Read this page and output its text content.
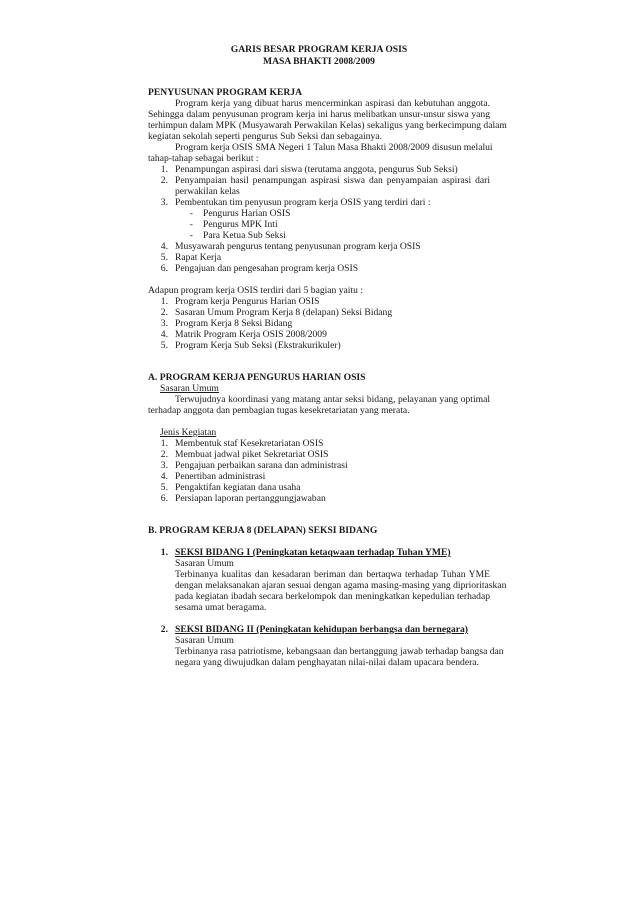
GARIS BESAR PROGRAM KERJA OSIS
MASA BHAKTI 2008/2009
PENYUSUNAN PROGRAM KERJA
Program kerja yang dibuat harus mencerminkan aspirasi dan kebutuhan anggota.
Sehingga dalam penyusunan program kerja ini harus melibatkan unsur-unsur siswa yang
terhimpun dalam MPK (Musyawarah Perwakilan Kelas) sekaligus yang berkecimpung dalam
kegiatan sekolah seperti pengurus Sub Seksi dan sebagainya.
Program kerja OSIS SMA Negeri 1 Talun Masa Bhakti 2008/2009 disusun melalui
tahap-tahap sebagai berikut :
1. Penampungan aspirasi dari siswa (terutama anggota, pengurus Sub Seksi)
2. Penyampaian hasil penampungan aspirasi siswa dan penyampaian aspirasi dari
perwakilan kelas
3. Pembentukan tim penyusun program kerja OSIS yang terdiri dari :
- Pengurus Harian OSIS
- Pengurus MPK Inti
- Para Ketua Sub Seksi
4. Musyawarah pengurus tentang penyusunan program kerja OSIS
5. Rapat Kerja
6. Pengajuan dan pengesahan program kerja OSIS
Adapun program kerja OSIS terdiri dari 5 bagian yaitu :
1. Program kerja Pengurus Harian OSIS
2. Sasaran Umum Program Kerja 8 (delapan) Seksi Bidang
3. Program Kerja 8 Seksi Bidang
4. Matrik Program Kerja OSIS 2008/2009
5. Program Kerja Sub Seksi (Ekstrakurikuler)
A. PROGRAM KERJA PENGURUS HARIAN OSIS
Sasaran Umum
Terwujudnya koordinasi yang matang antar seksi bidang, pelayanan yang optimal
terhadap anggota dan pembagian tugas kesekretariatan yang merata.
Jenis Kegiatan
1. Membentuk staf Kesekretariatan OSIS
2. Membuat jadwal piket Sekretariat OSIS
3. Pengajuan perbaikan sarana dan administrasi
4. Penertiban administrasi
5. Pengaktifan kegiatan dana usaha
6. Persiapan laporan pertanggungjawaban
B. PROGRAM KERJA 8 (DELAPAN) SEKSI BIDANG
1. SEKSI BIDANG I (Peningkatan ketaqwaan terhadap Tuhan YME)
Sasaran Umum
Terbinanya kualitas dan kesadaran beriman dan bertaqwa terhadap Tuhan YME
dengan melaksanakan ajaran sesuai dengan agama masing-masing yang diprioritaskan
pada kegiatan ibadah secara berkelompok dan meningkatkan kepedulian terhadap
sesama umat beragama.
2. SEKSI BIDANG II (Peningkatan kehidupan berbangsa dan bernegara)
Sasaran Umum
Terbinanya rasa patriotisme, kebangsaan dan bertanggung jawab terhadap bangsa dan
negara yang diwujudkan dalam penghayatan nilai-nilai dalam upacara bendera.
